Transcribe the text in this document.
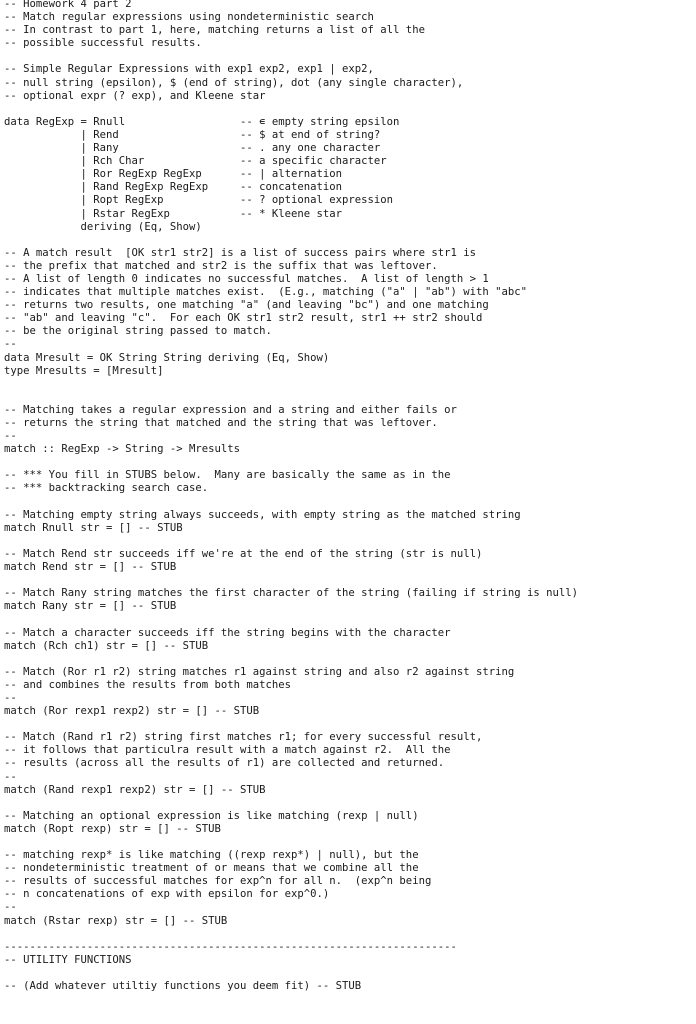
-- Homework 4 part 2
-- Match regular expressions using nondeterministic search
-- In contrast to part 1, here, matching returns a list of all the
-- possible successful results.
-- Simple Regular Expressions with exp1 exp2, exp1 | exp2,
-- null string (epsilon), $ (end of string), dot (any single character),
-- optional expr (? exp), and Kleene star
data RegExp = Rnull                  -- ∊ empty string epsilon
| Rend                   -- $ at end of string?
| Rany                   -- . any one character
| Rch Char               -- a specific character
| Ror RegExp RegExp      -- | alternation
| Rand RegExp RegExp     -- concatenation
| Ropt RegExp            -- ? optional expression
| Rstar RegExp           -- * Kleene star
deriving (Eq, Show)
-- A match result  [OK str1 str2] is a list of success pairs where str1 is
-- the prefix that matched and str2 is the suffix that was leftover.
-- A list of length 0 indicates no successful matches.  A list of length > 1
-- indicates that multiple matches exist.  (E.g., matching ("a" | "ab") with "abc"
-- returns two results, one matching "a" (and leaving "bc") and one matching
-- "ab" and leaving "c".  For each OK str1 str2 result, str1 ++ str2 should
-- be the original string passed to match.
--
data Mresult = OK String String deriving (Eq, Show)
type Mresults = [Mresult]
-- Matching takes a regular expression and a string and either fails or
-- returns the string that matched and the string that was leftover.
--
match :: RegExp -> String -> Mresults
-- *** You fill in STUBS below.  Many are basically the same as in the
-- *** backtracking search case.
-- Matching empty string always succeeds, with empty string as the matched string
match Rnull str = [] -- STUB
-- Match Rend str succeeds iff we're at the end of the string (str is null)
match Rend str = [] -- STUB
-- Match Rany string matches the first character of the string (failing if string is null)
match Rany str = [] -- STUB
-- Match a character succeeds iff the string begins with the character
match (Rch ch1) str = [] -- STUB
-- Match (Ror r1 r2) string matches r1 against string and also r2 against string
-- and combines the results from both matches
--
match (Ror rexp1 rexp2) str = [] -- STUB
-- Match (Rand r1 r2) string first matches r1; for every successful result,
-- it follows that particulra result with a match against r2.  All the
-- results (across all the results of r1) are collected and returned.
--
match (Rand rexp1 rexp2) str = [] -- STUB
-- Matching an optional expression is like matching (rexp | null)
match (Ropt rexp) str = [] -- STUB
-- matching rexp* is like matching ((rexp rexp*) | null), but the
-- nondeterministic treatment of or means that we combine all the
-- results of successful matches for exp^n for all n.  (exp^n being
-- n concatenations of exp with epsilon for exp^0.)
--
match (Rstar rexp) str = [] -- STUB
-----------------------------------------------------------------------
-- UTILITY FUNCTIONS
-- (Add whatever utiltiy functions you deem fit) -- STUB
